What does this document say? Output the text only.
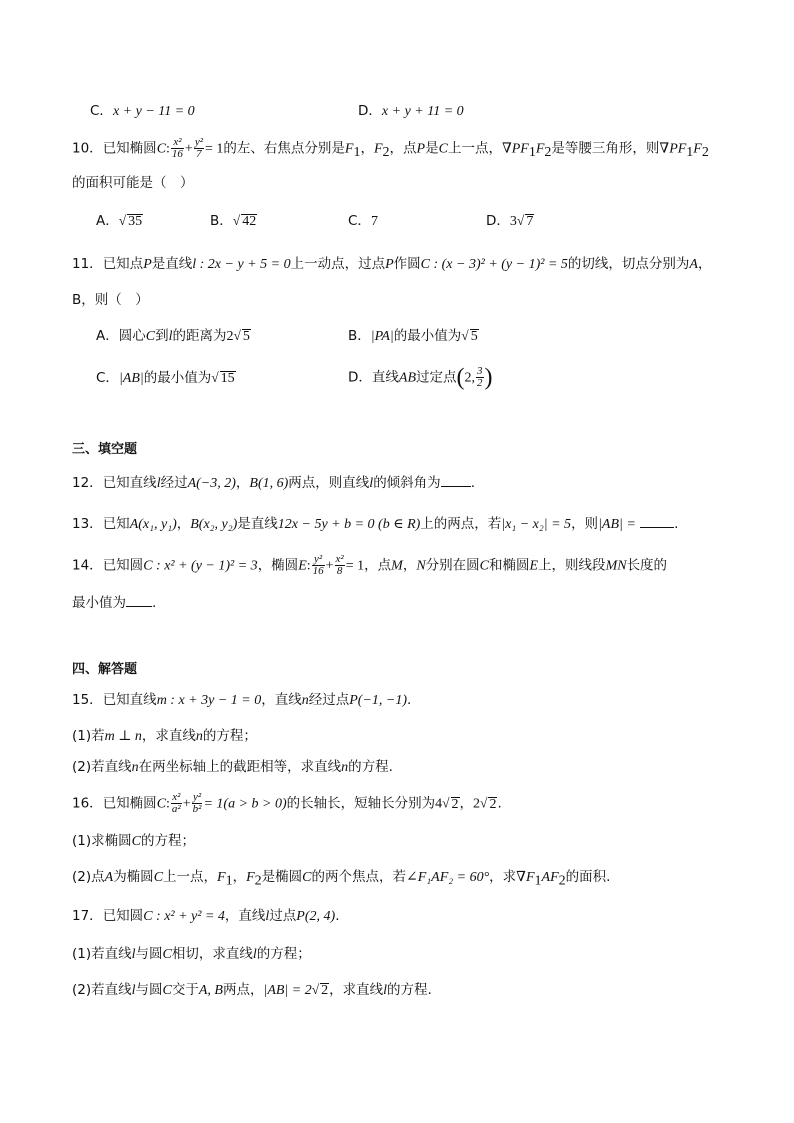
C．x + y − 11 = 0	D．x + y + 11 = 0
10．已知椭圆C: $\frac{\text{x²}}{16} + \frac{\text{y²}}{7} = 1$的左、右焦点分别是$F_1$，$F_2$，点P是C上一点，$\nabla PF_1F_2$是等腰三角形，则$\nabla PF_1F_2$
的面积可能是（　）
A．√ 35	B．√ 42	C．7	D．3√ 7
11．已知点P是直线l : 2x − y + 5 = 0上一动点，过点P作圆C : (x − 3)² + (y − 1)² = 5的切线，切点分别为A，
B，则（　）
A．圆心C到l的距离为2√ 5	B．|PA|的最小值为√ 5
C．|AB|的最小值为√ 15	D．直线AB过定点(2, $\frac{3}{2}$ )
三、填空题
12．已知直线l经过A(−3, 2)，B(1, 6)两点，则直线l的倾斜角为 .
13．已知A(x₁, y₁)，B(x₂, y₂)是直线12x − 5y + b = 0 (b ∈ R)上的两点，若|x₁ − x₂| = 5，则|AB| =	.
14．已知圆C : x² + (y − 1)² = 3，椭圆E: $\frac{\text{y²}}{16} + \frac{\text{x²}}{8} = 1$，点M，N分别在圆C和椭圆E上，则线段MN长度的
最小值为 .
四、解答题
15．已知直线m : x + 3y − 1 = 0，直线n经过点P(−1, −1).
(1)若m ⊥ n，求直线n的方程；
(2)若直线n在两坐标轴上的截距相等，求直线n的方程.
16．已知椭圆C: $\frac{\text{x²}}{\text{a²}} + \frac{\text{y²}}{\text{b²}} = 1(a > b > 0)$的长轴长，短轴长分别为4√ 2，2√ 2.
(1)求椭圆C的方程；
(2)点A为椭圆C上一点，$F_1$，$F_2$是椭圆C的两个焦点，若∠F₁AF₂ = 60°，求$\nabla F_1AF_2$的面积.
17．已知圆C : x² + y² = 4，直线l过点P(2, 4).
(1)若直线l与圆C相切，求直线l的方程；
(2)若直线l与圆C交于A, B两点，|AB| = 2√ 2，求直线l的方程.
